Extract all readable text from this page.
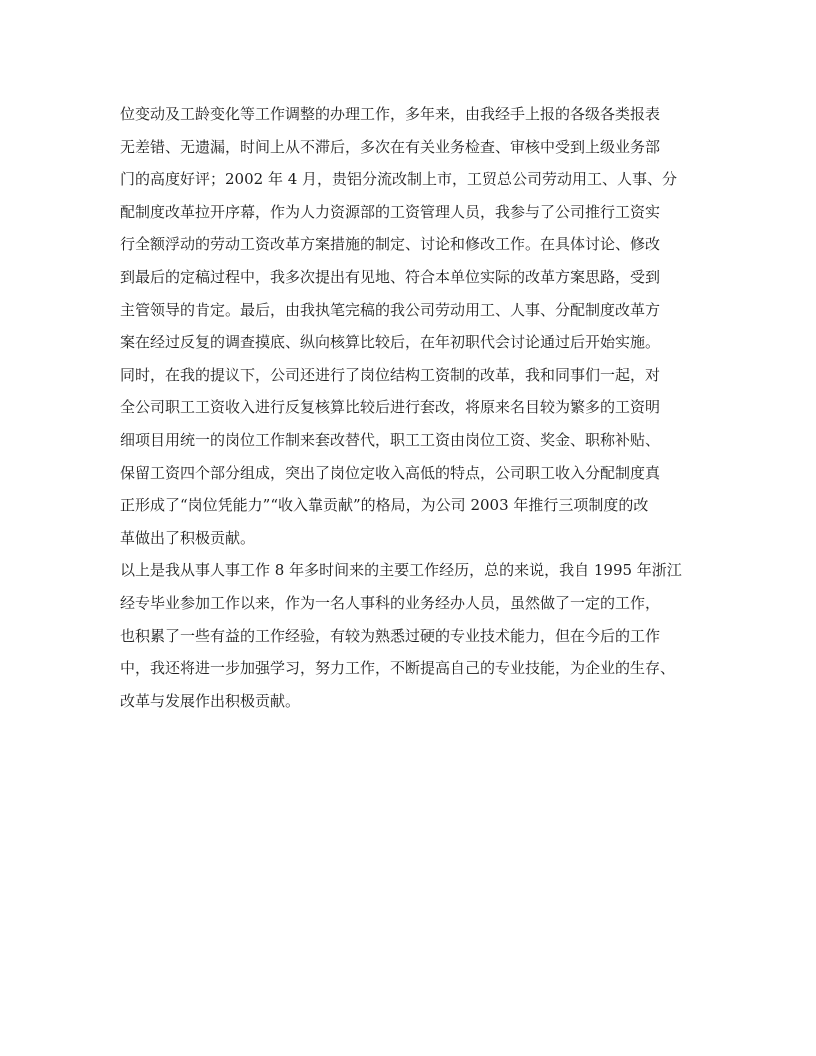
位变动及工龄变化等工作调整的办理工作，多年来，由我经手上报的各级各类报表
无差错、无遗漏，时间上从不滞后，多次在有关业务检查、审核中受到上级业务部
门的高度好评；2002 年 4 月，贵铝分流改制上市，工贸总公司劳动用工、人事、分
配制度改革拉开序幕，作为人力资源部的工资管理人员，我参与了公司推行工资实
行全额浮动的劳动工资改革方案措施的制定、讨论和修改工作。在具体讨论、修改
到最后的定稿过程中，我多次提出有见地、符合本单位实际的改革方案思路，受到
主管领导的肯定。最后，由我执笔完稿的我公司劳动用工、人事、分配制度改革方
案在经过反复的调查摸底、纵向核算比较后，在年初职代会讨论通过后开始实施。
同时，在我的提议下，公司还进行了岗位结构工资制的改革，我和同事们一起，对
全公司职工工资收入进行反复核算比较后进行套改，将原来名目较为繁多的工资明
细项目用统一的岗位工作制来套改替代，职工工资由岗位工资、奖金、职称补贴、
保留工资四个部分组成，突出了岗位定收入高低的特点，公司职工收入分配制度真
正形成了“岗位凭能力”“收入靠贡献”的格局，为公司 2003 年推行三项制度的改
革做出了积极贡献。
以上是我从事人事工作 8 年多时间来的主要工作经历，总的来说，我自 1995 年浙江
经专毕业参加工作以来，作为一名人事科的业务经办人员，虽然做了一定的工作，
也积累了一些有益的工作经验，有较为熟悉过硬的专业技术能力，但在今后的工作
中，我还将进一步加强学习，努力工作，不断提高自己的专业技能，为企业的生存、
改革与发展作出积极贡献。
